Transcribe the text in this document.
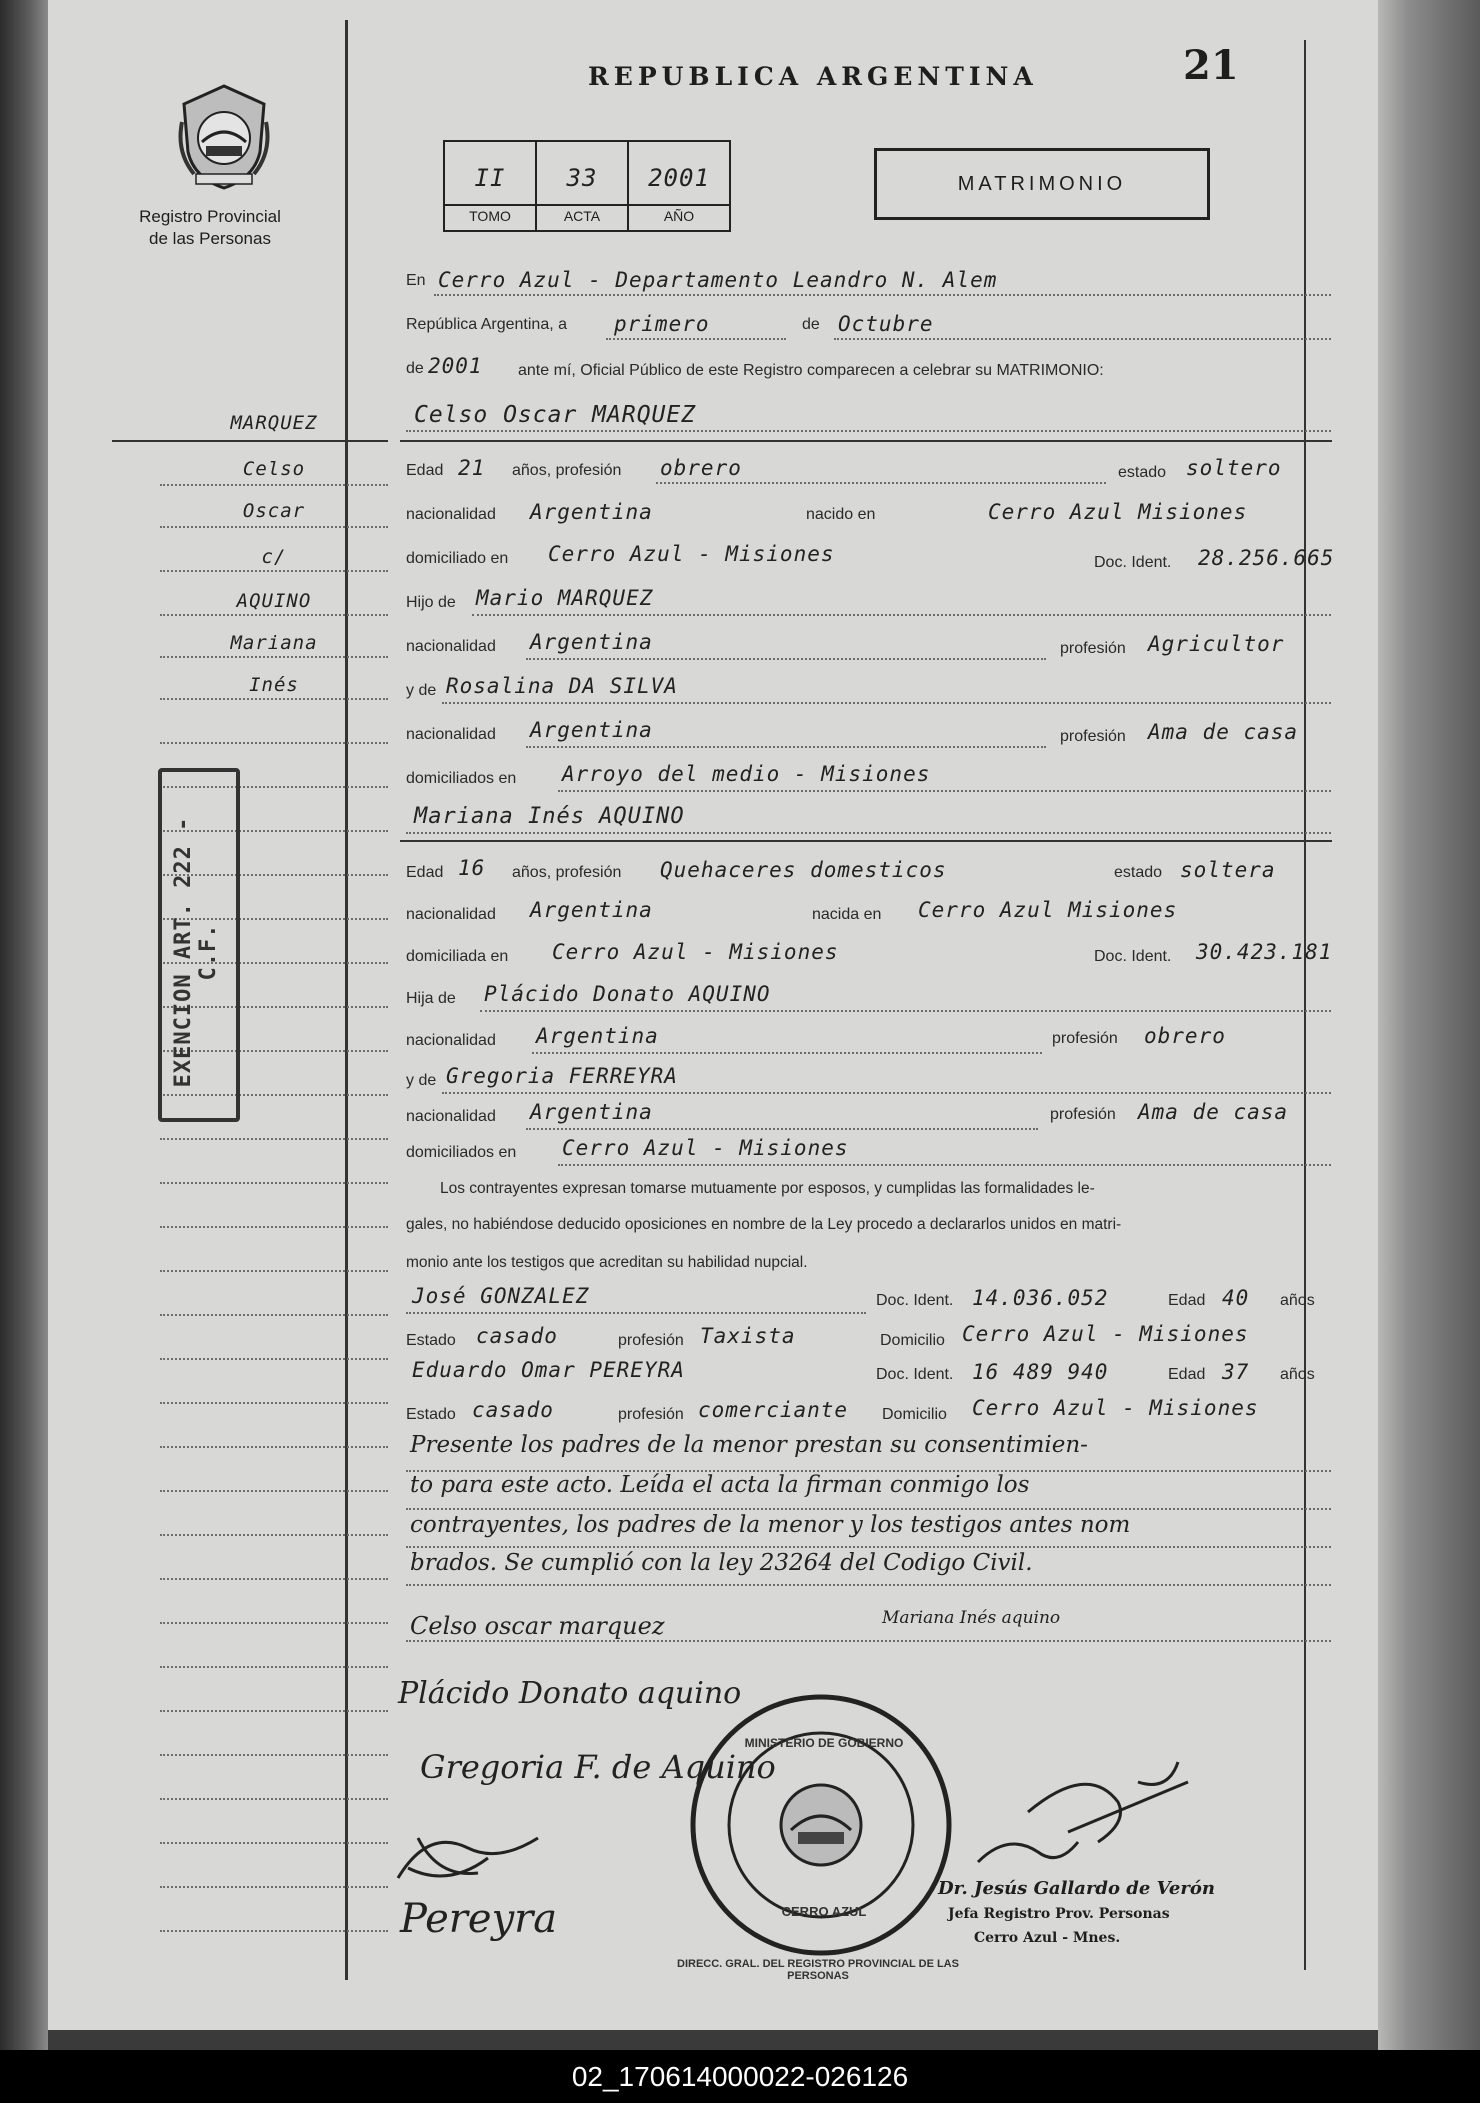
Registro Provincial
de las Personas
REPUBLICA ARGENTINA	21
II	33	2001
TOMO	ACTA	AÑO
MATRIMONIO
MARQUEZ
Celso
Oscar
c/
AQUINO
Mariana
Inés
EXENCION ART. 222 - C.F.
En Cerro Azul - Departamento Leandro N. Alem
República Argentina, a primero	de Octubre
de 2001 ante mí, Oficial Público de este Registro comparecen a celebrar su MATRIMONIO:
Celso Oscar MARQUEZ
Edad 21 años, profesión obrero	estado soltero
nacionalidad Argentina	nacido en	Cerro Azul Misiones
domiciliado en Cerro Azul - Misiones	Doc. Ident. 28.256.665
Hijo de Mario MARQUEZ
nacionalidad Argentina	profesión Agricultor
y de Rosalina DA SILVA
nacionalidad Argentina	profesión Ama de casa
domiciliados en Arroyo del medio - Misiones
Mariana Inés AQUINO
Edad 16 años, profesión Quehaceres domesticos	estado soltera
nacionalidad Argentina	nacida en Cerro Azul Misiones
domiciliada en Cerro Azul - Misiones	Doc. Ident. 30.423.181
Hija de Plácido Donato AQUINO
nacionalidad Argentina	profesión obrero
y de Gregoria FERREYRA
nacionalidad Argentina	profesión Ama de casa
domiciliados en Cerro Azul - Misiones
Los contrayentes expresan tomarse mutuamente por esposos, y cumplidas las formalidades le-
gales, no habiéndose deducido oposiciones en nombre de la Ley procedo a declararlos unidos en matri-
monio ante los testigos que acreditan su habilidad nupcial.
José GONZALEZ	Doc. Ident. 14.036.052	Edad 40 años
Estado casado	profesión Taxista	Domicilio Cerro Azul - Misiones
Eduardo Omar PEREYRA	Doc. Ident. 16 489 940	Edad 37 años
Estado casado	profesión comerciante Domicilio Cerro Azul - Misiones
Presente los padres de la menor prestan su consentimien-
to para este acto. Leída el acta la firman conmigo los
contrayentes, los padres de la menor y los testigos antes nom
brados. Se cumplió con la ley 23264 del Codigo Civil.
Celso oscar marquez	Mariana Inés aquino
Plácido Donato aquino
Gregoria F. de Aquino
Pereyra
DIRECC. GRAL. DEL REGISTRO PROVINCIAL DE LAS PERSONAS
MINISTERIO DE GOBIERNO
CERRO AZUL
Dr. Jesús Gallardo de Verón
Jefa Registro Prov. Personas
Cerro Azul - Mnes.
02_170614000022-026126
